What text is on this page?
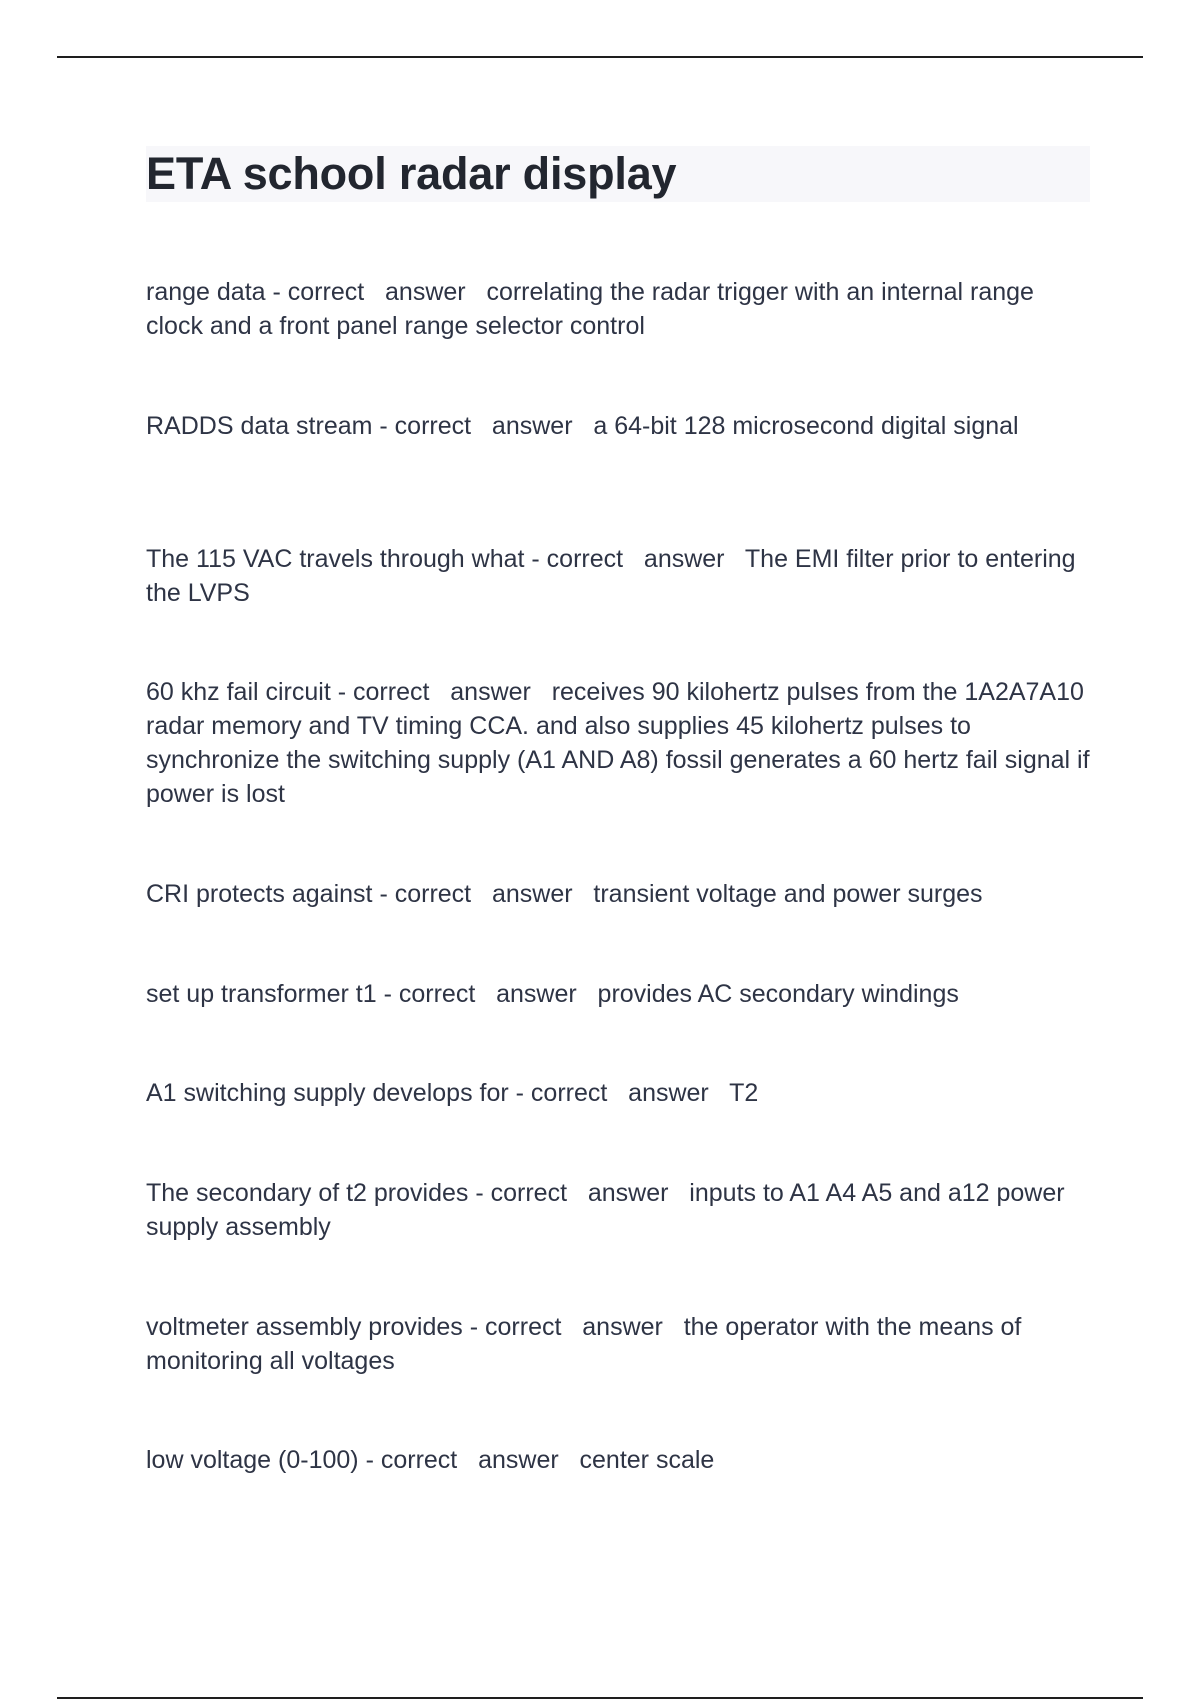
ETA school radar display

range data - correct   answer   correlating the radar trigger with an internal range clock and a front panel range selector control

RADDS data stream - correct   answer   a 64-bit 128 microsecond digital signal

The 115 VAC travels through what - correct   answer   The EMI filter prior to entering the LVPS

60 khz fail circuit - correct   answer   receives 90 kilohertz pulses from the 1A2A7A10 radar memory and TV timing CCA. and also supplies 45 kilohertz pulses to synchronize the switching supply (A1 AND A8) fossil generates a 60 hertz fail signal if power is lost

CRI protects against - correct   answer   transient voltage and power surges

set up transformer t1 - correct   answer   provides AC secondary windings

A1 switching supply develops for - correct   answer   T2

The secondary of t2 provides - correct   answer   inputs to A1 A4 A5 and a12 power supply assembly

voltmeter assembly provides - correct   answer   the operator with the means of monitoring all voltages

low voltage (0-100) - correct   answer   center scale
